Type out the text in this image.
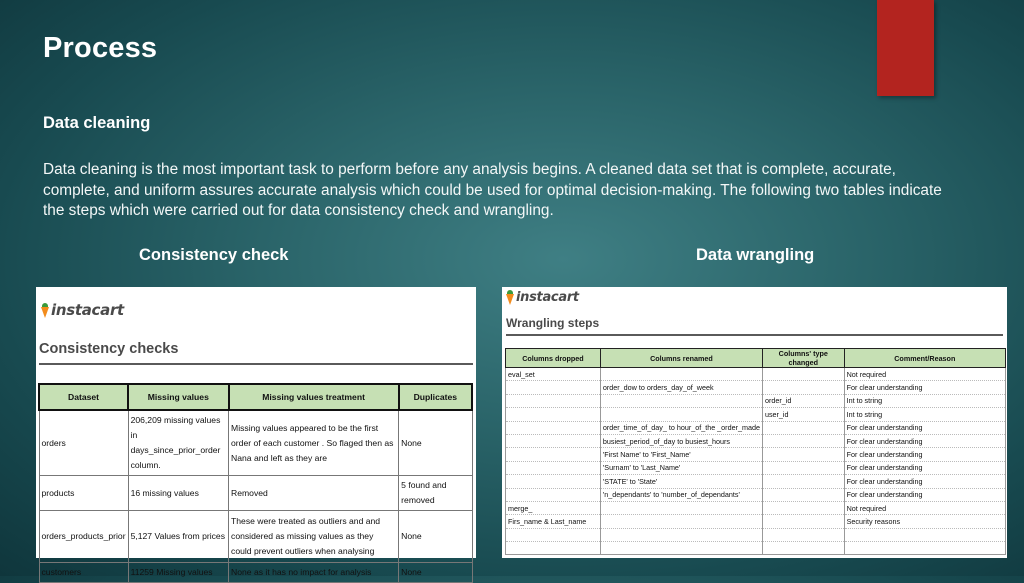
Process
Data cleaning
Data cleaning is the most important task to perform before any analysis begins. A cleaned data set that is complete, accurate, complete, and uniform assures accurate analysis which could be used for optimal decision-making. The following two tables indicate the steps which were carried out for data consistency check and wrangling.
Consistency check	Data wrangling
instacart
Consistency checks
Dataset	Missing values	Missing values treatment	Duplicates
orders	206,209 missing values in days_since_prior_order column.	Missing values appeared to be the first order of each customer . So flaged then as Nana and left as they are	None
products	16 missing values	Removed	5 found and removed
orders_products_prior	5,127 Values from prices	These were treated as outliers and and considered as missing values as they could prevent outliers when analysing	None
customers	11259 Missing values	None as it has no impact for analysis	None
instacart
Wrangling steps
Columns dropped	Columns renamed	Columns' type changed	Comment/Reason
eval_set			Not required
	order_dow to orders_day_of_week		For clear understanding
		order_id	Int to string
		user_id	Int to string
	order_time_of_day_ to hour_of_the _order_made		For clear understanding
	busiest_period_of_day to busiest_hours		For clear understanding
	'First Name' to 'First_Name'		For clear understanding
	'Surnam' to 'Last_Name'		For clear understanding
	'STATE' to 'State'		For clear understanding
	'n_dependants' to 'number_of_dependants'		For clear understanding
merge_			Not required
Firs_name & Last_name			Security reasons
